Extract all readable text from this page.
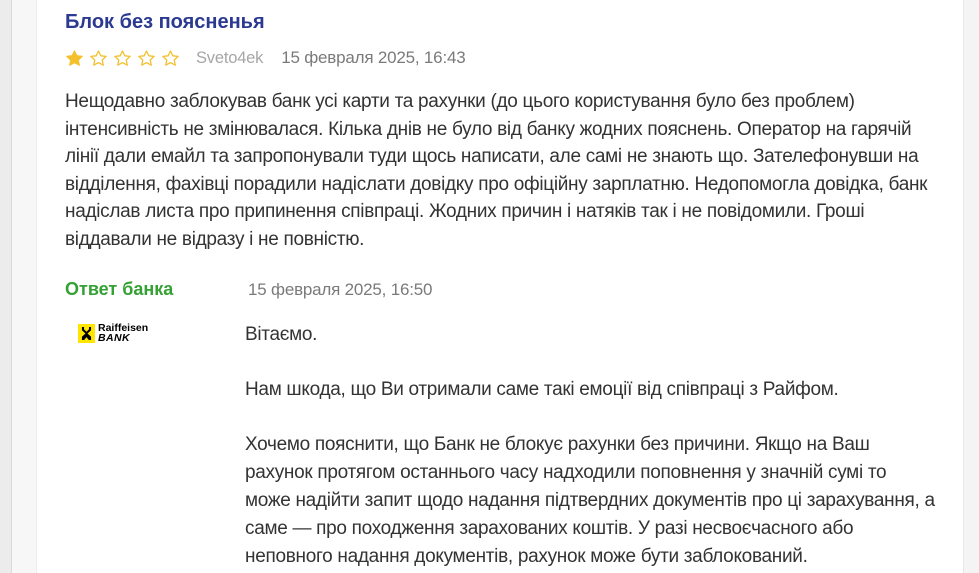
Блок без поясненья
Sveto4ek 15 февраля 2025, 16:43
Нещодавно заблокував банк усі карти та рахунки (до цього користування було без проблем) інтенсивність не змінювалася. Кілька днів не було від банку жодних пояснень. Оператор на гарячій лінії дали емайл та запропонували туди щось написати, але самі не знають що. Зателефонувши на відділення, фахівці порадили надіслати довідку про офіційну зарплатню. Недопомогла довідка, банк надіслав листа про припинення співпраці. Жодних причин і натяків так і не повідомили. Гроші віддавали не відразу і не повністю.
Ответ банка	15 февраля 2025, 16:50
Raiffeisen
BANK	Вітаємо.

Нам шкода, що Ви отримали саме такі емоції від співпраці з Райфом.

Хочемо пояснити, що Банк не блокує рахунки без причини. Якщо на Ваш рахунок протягом останнього часу надходили поповнення у значній сумі то може надійти запит щодо надання підтвердних документів про ці зарахування, а саме — про походження зарахованих коштів. У разі несвоєчасного або неповного надання документів, рахунок може бути заблокований.
